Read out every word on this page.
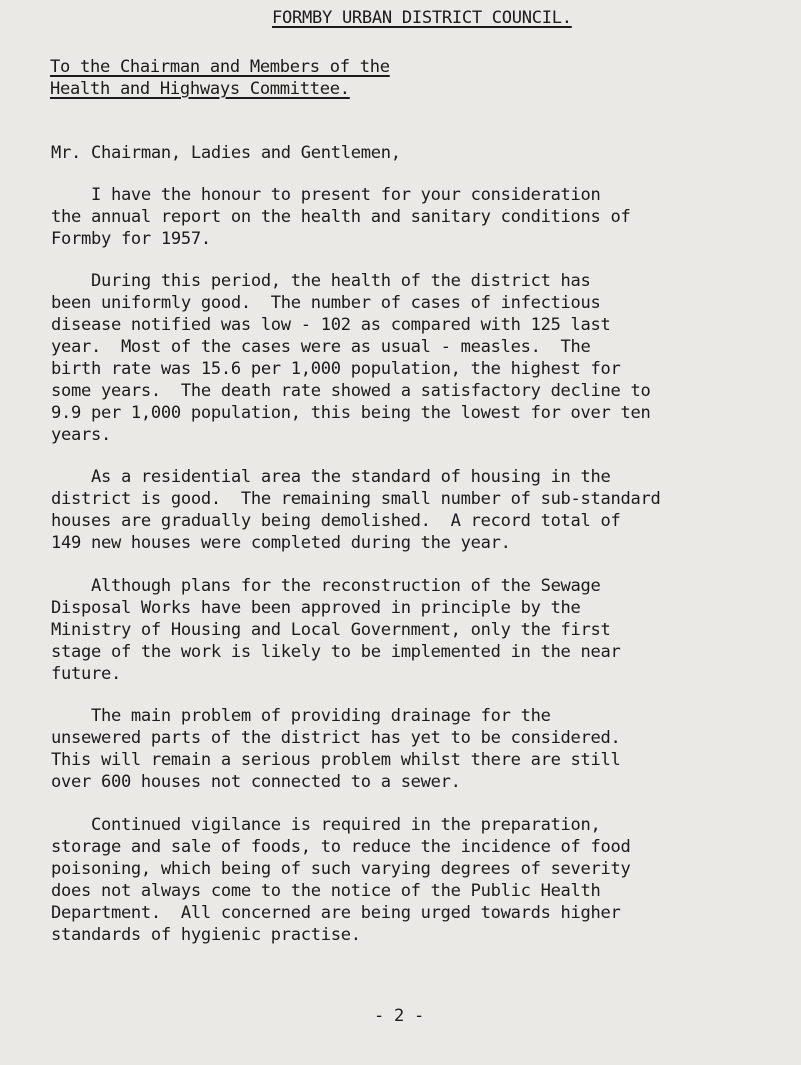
FORMBY URBAN DISTRICT COUNCIL.

To the Chairman and Members of the

Health and Highways Committee.

Mr. Chairman, Ladies and Gentlemen,

I have the honour to present for your consideration

the annual report on the health and sanitary conditions of

Formby for 1957.

During this period, the health of the district has

been uniformly good.  The number of cases of infectious

disease notified was low - 102 as compared with 125 last

year.  Most of the cases were as usual - measles.  The

birth rate was 15.6 per 1,000 population, the highest for

some years.  The death rate showed a satisfactory decline to

9.9 per 1,000 population, this being the lowest for over ten

years.

As a residential area the standard of housing in the

district is good.  The remaining small number of sub-standard

houses are gradually being demolished.  A record total of

149 new houses were completed during the year.

Although plans for the reconstruction of the Sewage

Disposal Works have been approved in principle by the

Ministry of Housing and Local Government, only the first

stage of the work is likely to be implemented in the near

future.

The main problem of providing drainage for the

unsewered parts of the district has yet to be considered.

This will remain a serious problem whilst there are still

over 600 houses not connected to a sewer.

Continued vigilance is required in the preparation,

storage and sale of foods, to reduce the incidence of food

poisoning, which being of such varying degrees of severity

does not always come to the notice of the Public Health

Department.  All concerned are being urged towards higher

standards of hygienic practise.

- 2 -
